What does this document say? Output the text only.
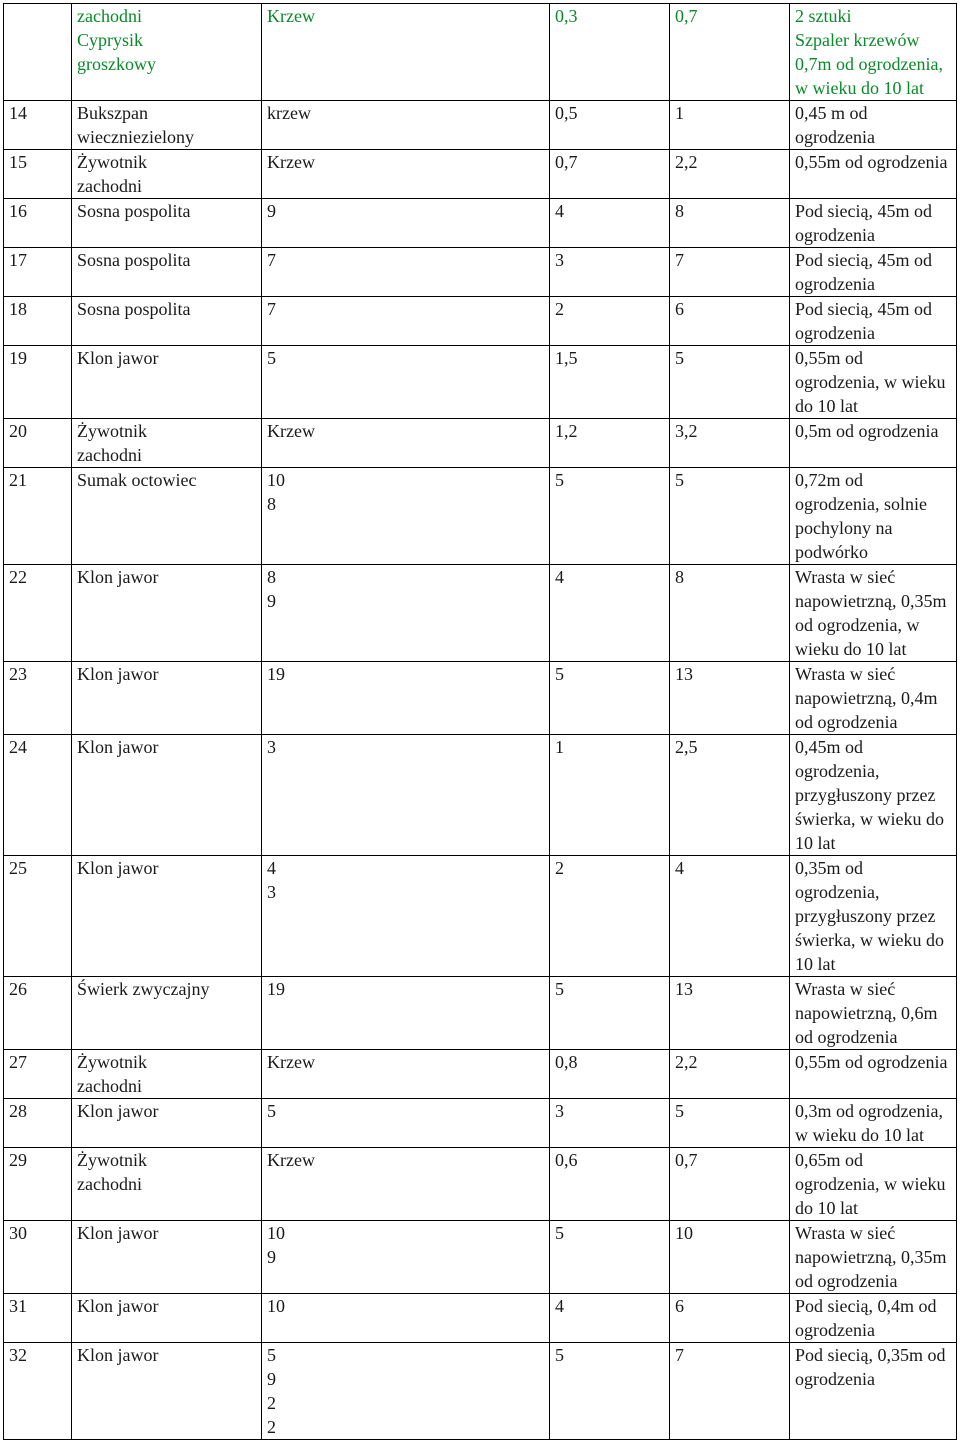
	zachodni
Cyprysik
groszkowy	Krzew	0,3	0,7	2 sztuki
Szpaler krzewów
0,7m od ogrodzenia,
w wieku do 10 lat

14	Bukszpan
wieczniezielony	krzew	0,5	1	0,45 m od
ogrodzenia

15	Żywotnik
zachodni	Krzew	0,7	2,2	0,55m od ogrodzenia

16	Sosna pospolita	9	4	8	Pod siecią, 45m od
ogrodzenia

17	Sosna pospolita	7	3	7	Pod siecią, 45m od
ogrodzenia

18	Sosna pospolita	7	2	6	Pod siecią, 45m od
ogrodzenia

19	Klon jawor	5	1,5	5	0,55m od
ogrodzenia, w wieku
do 10 lat

20	Żywotnik
zachodni	Krzew	1,2	3,2	0,5m od ogrodzenia

21	Sumak octowiec	10
8	5	5	0,72m od
ogrodzenia, solnie
pochylony na
podwórko

22	Klon jawor	8
9	4	8	Wrasta w sieć
napowietrzną, 0,35m
od ogrodzenia, w
wieku do 10 lat

23	Klon jawor	19	5	13	Wrasta w sieć
napowietrzną, 0,4m
od ogrodzenia

24	Klon jawor	3	1	2,5	0,45m od
ogrodzenia,
przygłuszony przez
świerka, w wieku do
10 lat

25	Klon jawor	4
3	2	4	0,35m od
ogrodzenia,
przygłuszony przez
świerka, w wieku do
10 lat

26	Świerk zwyczajny	19	5	13	Wrasta w sieć
napowietrzną, 0,6m
od ogrodzenia

27	Żywotnik
zachodni	Krzew	0,8	2,2	0,55m od ogrodzenia

28	Klon jawor	5	3	5	0,3m od ogrodzenia,
w wieku do 10 lat

29	Żywotnik
zachodni	Krzew	0,6	0,7	0,65m od
ogrodzenia, w wieku
do 10 lat

30	Klon jawor	10
9	5	10	Wrasta w sieć
napowietrzną, 0,35m
od ogrodzenia

31	Klon jawor	10	4	6	Pod siecią, 0,4m od
ogrodzenia

32	Klon jawor	5
9
2
2	5	7	Pod siecią, 0,35m od
ogrodzenia
